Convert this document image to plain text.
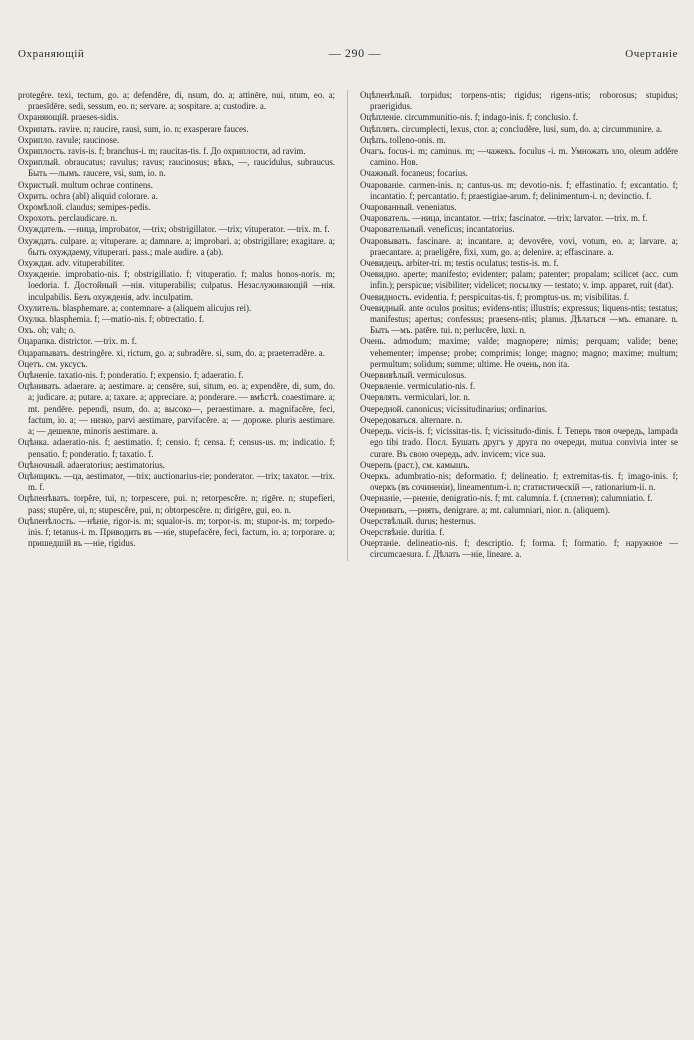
Охраняющій	— 290 —	Очертаніе

protegĕre. texi, tectum, go. a; defendĕre, di, nsum, do. a; attinēre, nui, ntum, eo. a; praesīdēre. sedi, sessum, eo. n; servare. a; sospitare. a; custodire. a.

Охраняющій. praeses-sidis.

Охрипать. ravire. n; raucire, rausi, sum, io. n; exasperare fauces.

Охрипло. ravule; raucinose.

Охриплость. ravis-is. f; branchus-i. m; raucitas-tis. f. До охриплости, ad ravim.

Охриплый. obraucatus; ravulus; ravus; raucinosus; вѣкъ, —, raucidulus, subraucus. Быть —лымъ. raucere, vsi, sum, io. n.

Охристый. multum ochrae continens.

Охрить. ochra (abl) aliquid colorare. a.

Охромѣлой. claudus; semipes-pedis.

Охрохоть. perclaudicare. n.

Охуждатель. —ница, improbator, —trix; obstrigillator. —trix; vituperator. —trix. m. f.

Охуждать. culpare. a; vituperare. a; damnare. a; improbari. a; obstrigillare; exagitare. a; быть охуждаему, vituperari. pass.; male audire. a (ab).

Охуждая. adv. vituperabiliter.

Охужденіе. improbatio-nis. f; obstrigillatio. f; vituperatio. f; malus honos-noris. m; loedoria. f. Достойный —нія. vituperabilis; culpatus. Незаслуживающій —нія. inculpabilis. Безъ охужденія, adv. inculpatim.

Охулитель. blasphemare. a; contemnare- a (aliquem alicujus rei).

Охулка. blasphemia. f; —matio-nis. f; obtrectatio. f.

Охъ. oh; vah; o.

Оцарапка. districtor. —trix. m. f.

Оцарапывать. destringĕre. xi, rictum, go. a; subradĕre. si, sum, do. a; praeterradĕre. a.

Оцетъ. см. уксусъ.

Оцѣненіе. taxatio-nis. f; ponderatio. f; expensio. f; adaeratio. f.

Оцѣнивать. adaerare. a; aestimare. a; censēre, sui, situm, eo. a; expendĕre, di, sum, do. a; judicare. a; putare. a; taxare. a; appreciare. a; ponderare. — вмѣстѣ. coaestimare. a; mt. pendēre. pependi, nsum, do. a; высоко—, peraestimare. a. magnifacĕre, feci, factum, io. a; — низко, parvi aestimare, parvifacĕre. a; — дороже. pluris aestimare. a; — дешевле, minoris aestimare. a.

Оцѣнка. adaeratio-nis. f; aestimatio. f; censio. f; censa. f; census-us. m; indicatio. f; pensatio. f; ponderatio. f; taxatio. f.

Оцѣночный. adaeratorius; aestimatorius.

Оцѣнщикъ. —ца, aestimator, —trix; auctionarius-rie; ponderator. —trix; taxator. —trix. m. f.

Оцѣпенѣвать. torpĕre, tui, n; torpescere, pui. n; retorpescĕre. n; rigēre. n; stupefieri, pass; stupēre, ui, n; stupescĕre, pui, n; obtorpescĕre. n; dirigēre, gui, eo. n.

Оцѣпенѣлость. —нѣніе, rigor-is. m; squalor-is. m; torpor-is. m; stupor-is. m; torpedo-inis. f; tetanus-i. m. Приводить въ —ніе, stupefacĕre, feci, factum, io. a; torporare. a; пришедшій въ —ніе, rigidus.

Оцѣпенѣлый. torpidus; torpens-ntis; rigidus; rigens-ntis; roborosus; stupidus; praerigidus.

Оцѣпленіе. circummunitio-nis. f; indago-inis. f; conclusio. f.

Оцѣплять. circumplecti, lexus, ctor. a; concludĕre, lusi, sum, do. a; circummunire. a.

Оцѣпъ. tolleno-onis. m.

Очагъ. focus-i. m; caminus. m; —чажекъ. foculus -i. m. Умножать зло, oleum addĕre camino. Нов.

Очажный. focaneus; focarius.

Очарованіе. carmen-inis. n; cantus-us. m; devotio-nis. f; effastinatio. f; excantatio. f; incantatio. f; percantatio. f; praestigiae-arum. f; delinimentum-i. n; devinctio. f.

Очарованный. veneniatus.

Очарователь. —ница, incantator. —trix; fascinator. —trix; larvator. —trix. m. f.

Очаровательный. veneficus; incantatorius.

Очаровывать. fascinare. a; incantare. a; devovēre, vovi, votum, eo. a; larvare. a; praecantare. a; praeligĕre, fixi, xum, go. a; delenire. a; effascinare. a.

Очевидецъ. arbiter-tri. m; testis oculatus; testis-is. m. f.

Очевидно. aperte; manifesto; evidenter; palam; patenter; propalam; scilicet (acc. cum infin.); perspicue; visibiliter; videlicet; посылку — testato; v. imp. apparet, ruit (dat).

Очевидность. evidentia. f; perspicuitas-tis. f; promptus-us. m; visibilitas. f.

Очевидный. ante oculos positus; evidens-ntis; illustris; expressus; liquens-ntis; testatus; manifestus; apertus; confessus; praesens-ntis; planus. Дѣлаться —мъ. emanare. n. Быть —мъ. patēre. tui. n; perlucēre, luxi. n.

Очень. admodum; maxime; valde; magnoperе; nimis; perquam; valide; bene; vehementer; impense; probe; comprimis; longe; magno; magno; maxime; multum; permultum; solidum; summe; ultime. Не очень, non ita.

Очервивѣлый. vermiculosus.

Очервленіе. vermiculatio-nis. f.

Очервлять. vermiculari, lor. n.

Очередной. canonicus; vicissitudinarius; ordinarius.

Очередоваться. alternare. n.

Очередь. vicis-is. f; vicissitas-tis. f; vicissitudo-dinis. f. Теперь твоя очередь, lampada ego tibi trado. Посл. Бушать другъ у друга по очереди, mutua convivia inter se curare. Въ свою очередь, adv. invicem; vice sua.

Очерепь (раст.), см. камышъ.

Очеркъ. adumbratio-nis; deformatio. f; delineatio. f; extremitas-tis. f; imago-inis. f; очеркъ (въ сочиненіи), lineamentum-i. n; статистическій —, rationarium-ii. n.

Очернаніе, —рненіе, denigratio-nis. f; mt. calumnia. f. (сплетня); calumniatio. f.

Очернивать, —рнять, denigrare. a; mt. calumniari, nior. n. (aliquem).

Очерствѣлый. durus; hesternus.

Очерствѣніе. duritia. f.

Очертаніе. delineatio-nis. f; descriptio. f; forma. f; formatio. f; наружное — circumcaesura. f. Дѣлать —ніе, lineare. a.
